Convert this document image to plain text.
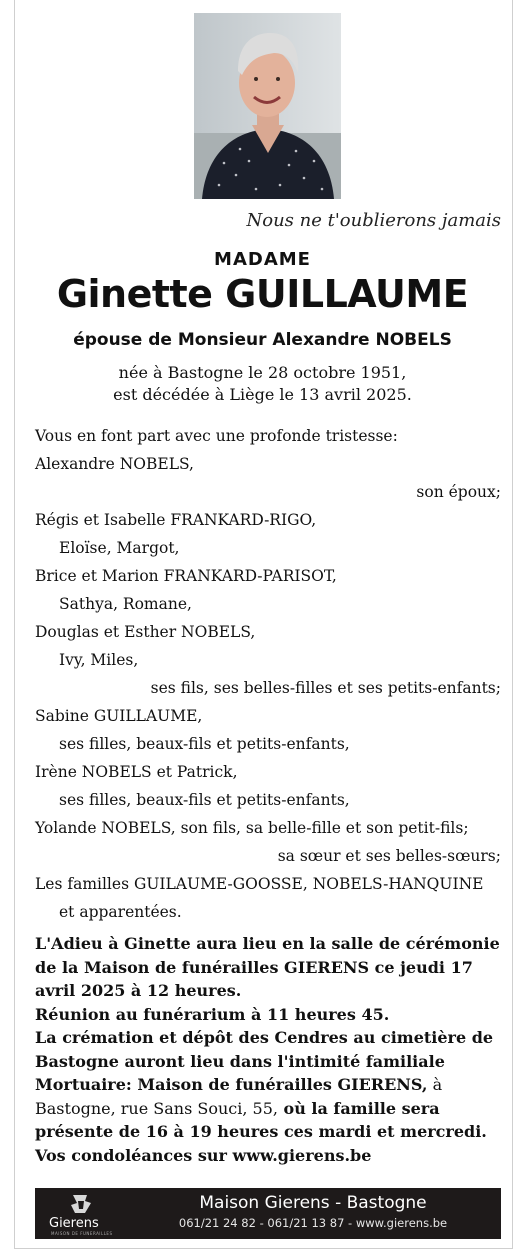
Nous ne t'oublierons jamais
MADAME
Ginette GUILLAUME
épouse de Monsieur Alexandre NOBELS
née à Bastogne le 28 octobre 1951,
est décédée à Liège le 13 avril 2025.
Vous en font part avec une profonde tristesse:
Alexandre NOBELS,
son époux;
Régis et Isabelle FRANKARD-RIGO,
Eloïse, Margot,
Brice et Marion FRANKARD-PARISOT,
Sathya, Romane,
Douglas et Esther NOBELS,
Ivy, Miles,
ses fils, ses belles-filles et ses petits-enfants;
Sabine GUILLAUME,
ses filles, beaux-fils et petits-enfants,
Irène NOBELS et Patrick,
ses filles, beaux-fils et petits-enfants,
Yolande NOBELS, son fils, sa belle-fille et son petit-fils;
sa sœur et ses belles-sœurs;
Les familles GUILAUME-GOOSSE, NOBELS-HANQUINE
et apparentées.
L'Adieu à Ginette aura lieu en la salle de cérémonie de la Maison de funérailles GIERENS ce jeudi 17 avril 2025 à 12 heures.
Réunion au funérarium à 11 heures 45.
La crémation et dépôt des Cendres au cimetière de Bastogne auront lieu dans l'intimité familiale
Mortuaire: Maison de funérailles GIERENS, à Bastogne, rue Sans Souci, 55, où la famille sera présente de 16 à 19 heures ces mardi et mercredi.
Vos condoléances sur www.gierens.be
Gierens
MAISON DE FUNERAILLES
Maison Gierens - Bastogne
061/21 24 82 - 061/21 13 87 - www.gierens.be
